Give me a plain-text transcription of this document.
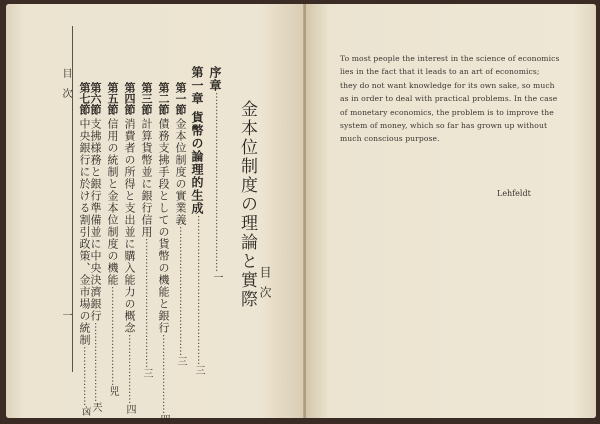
金本位制度の理論と實際 目次
序章
………………………………………………
一
第一章
貨幣の論理的生成
………………………………………
三
第一節
金本位制度の實業義
…………………………………
三
第二節
債務支拂手段としての貨幣の機能と銀行
……………………
四
第三節
計算貨幣並に銀行信用
…………………………………
三
第四節
消費者の所得と支出並に購入能力の概念
…………………
四
第五節
信用の統制と金本位制度の機能
…………………………
兕
第六節
支拂様務と銀行準備並に中央決濟銀行
……………………
兲
第七節
中央銀行に於ける割引政策、金市場の統制
………………
㐫
目　次
一
To most people the interest in the science of economics
lies in the fact that it leads to an art of economics;
they do not want knowledge for its own sake, so much
as in order to deal with practical problems. In the case
of monetary economics, the problem is to improve the
system of money, which so far has grown up without
much conscious purpose.
Lehfeldt
